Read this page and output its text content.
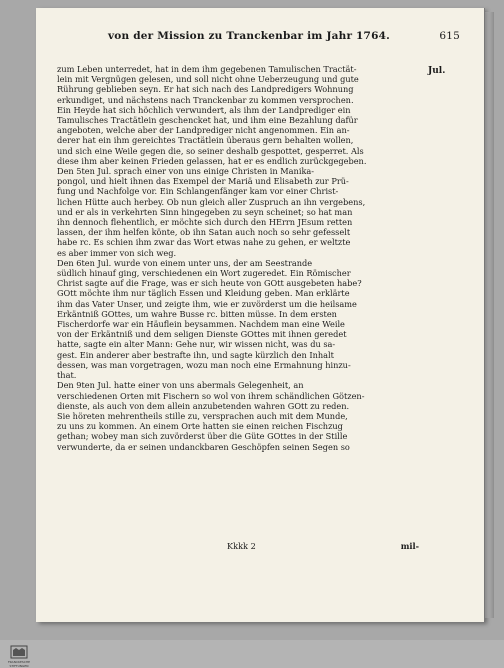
von der Mission zu Tranckenbar im Jahr 1764.	615
Jul.
zum Leben unterredet, hat in dem ihm gegebenen Tamulischen Tractät-
lein mit Vergnügen gelesen, und soll nicht ohne Ueberzeugung und gute
Rührung geblieben seyn. Er hat sich nach des Landpredigers Wohnung
erkundiget, und nächstens nach Tranckenbar zu kommen versprochen.
Ein Heyde hat sich höchlich verwundert, als ihm der Landprediger ein
Tamulisches Tractätlein geschencket hat, und ihm eine Bezahlung dafür
angeboten, welche aber der Landprediger nicht angenommen. Ein an-
derer hat ein ihm gereichtes Tractätlein überaus gern behalten wollen,
und sich eine Weile gegen die, so seiner deshalb gespottet, gesperret. Als
diese ihm aber keinen Frieden gelassen, hat er es endlich zurückgegeben.
Den 5ten Jul. sprach einer von uns einige Christen in Manika-
pongol, und hielt ihnen das Exempel der Mariä und Elisabeth zur Prü-
fung und Nachfolge vor. Ein Schlangenfänger kam vor einer Christ-
lichen Hütte auch herbey. Ob nun gleich aller Zuspruch an ihn vergebens,
und er als in verkehrten Sinn hingegeben zu seyn scheinet; so hat man
ihn dennoch flehentlich, er möchte sich durch den HErrn JEsum retten
lassen, der ihm helfen könte, ob ihn Satan auch noch so sehr gefesselt
habe rc. Es schien ihm zwar das Wort etwas nahe zu gehen, er weltzte
es aber immer von sich weg.
Den 6ten Jul. wurde von einem unter uns, der am Seestrande
südlich hinauf ging, verschiedenen ein Wort zugeredet. Ein Römischer
Christ sagte auf die Frage, was er sich heute von GOtt ausgebeten habe?
GOtt möchte ihm nur täglich Essen und Kleidung geben. Man erklärte
ihm das Vater Unser, und zeigte ihm, wie er zuvörderst um die heilsame
Erkäntniß GOttes, um wahre Busse rc. bitten müsse. In dem ersten
Fischerdorfe war ein Häuflein beysammen. Nachdem man eine Weile
von der Erkäntniß und dem seligen Dienste GOttes mit ihnen geredet
hatte, sagte ein alter Mann: Gehe nur, wir wissen nicht, was du sa-
gest. Ein anderer aber bestrafte ihn, und sagte kürzlich den Inhalt
dessen, was man vorgetragen, wozu man noch eine Ermahnung hinzu-
that.
Den 9ten Jul. hatte einer von uns abermals Gelegenheit, an
verschiedenen Orten mit Fischern so wol von ihrem schändlichen Götzen-
dienste, als auch von dem allein anzubetenden wahren GOtt zu reden.
Sie höreten mehrentheils stille zu, versprachen auch mit dem Munde,
zu uns zu kommen. An einem Orte hatten sie einen reichen Fischzug
gethan; wobey man sich zuvörderst über die Güte GOttes in der Stille
verwunderte, da er seinen undanckbaren Geschöpfen seinen Segen so
Kkkk 2	mil-
FRANCKESCHE STIFTUNGEN
